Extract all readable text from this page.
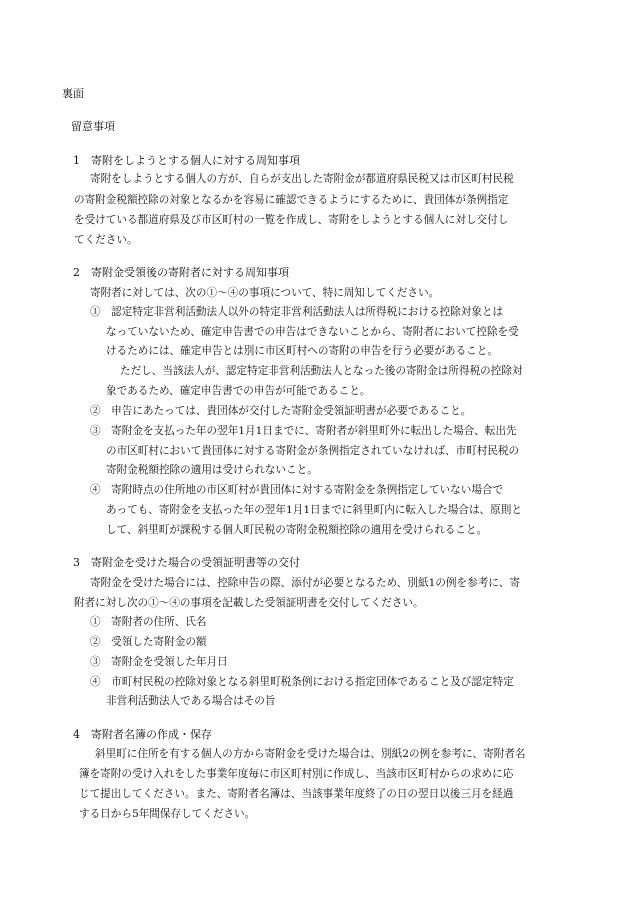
裏面
留意事項
1　寄附をしようとする個人に対する周知事項
寄附をしようとする個人の方が、自らが支出した寄附金が都道府県民税又は市区町村民税
の寄附金税額控除の対象となるかを容易に確認できるようにするために、貴団体が条例指定
を受けている都道府県及び市区町村の一覧を作成し、寄附をしようとする個人に対し交付し
てください。
2　寄附金受領後の寄附者に対する周知事項
寄附者に対しては、次の①～④の事項について、特に周知してください。
①　認定特定非営利活動法人以外の特定非営利活動法人は所得税における控除対象とは
なっていないため、確定申告書での申告はできないことから、寄附者において控除を受
けるためには、確定申告とは別に市区町村への寄附の申告を行う必要があること。
ただし、当該法人が、認定特定非営利活動法人となった後の寄附金は所得税の控除対
象であるため、確定申告書での申告が可能であること。
②　申告にあたっては、貴団体が交付した寄附金受領証明書が必要であること。
③　寄附金を支払った年の翌年1月1日までに、寄附者が斜里町外に転出した場合、転出先
の市区町村において貴団体に対する寄附金が条例指定されていなければ、市町村民税の
寄附金税額控除の適用は受けられないこと。
④　寄附時点の住所地の市区町村が貴団体に対する寄附金を条例指定していない場合で
あっても、寄附金を支払った年の翌年1月1日までに斜里町内に転入した場合は、原則と
して、斜里町が課税する個人町民税の寄附金税額控除の適用を受けられること。
3　寄附金を受けた場合の受領証明書等の交付
寄附金を受けた場合には、控除申告の際、添付が必要となるため、別紙1の例を参考に、寄
附者に対し次の①～④の事項を記載した受領証明書を交付してください。
①　寄附者の住所、氏名
②　受領した寄附金の額
③　寄附金を受領した年月日
④　市町村民税の控除対象となる斜里町税条例における指定団体であること及び認定特定
非営利活動法人である場合はその旨
4　寄附者名簿の作成・保存
斜里町に住所を有する個人の方から寄附金を受けた場合は、別紙2の例を参考に、寄附者名
簿を寄附の受け入れをした事業年度毎に市区町村別に作成し、当該市区町村からの求めに応
じて提出してください。また、寄附者名簿は、当該事業年度終了の日の翌日以後三月を経過
する日から5年間保存してください。
